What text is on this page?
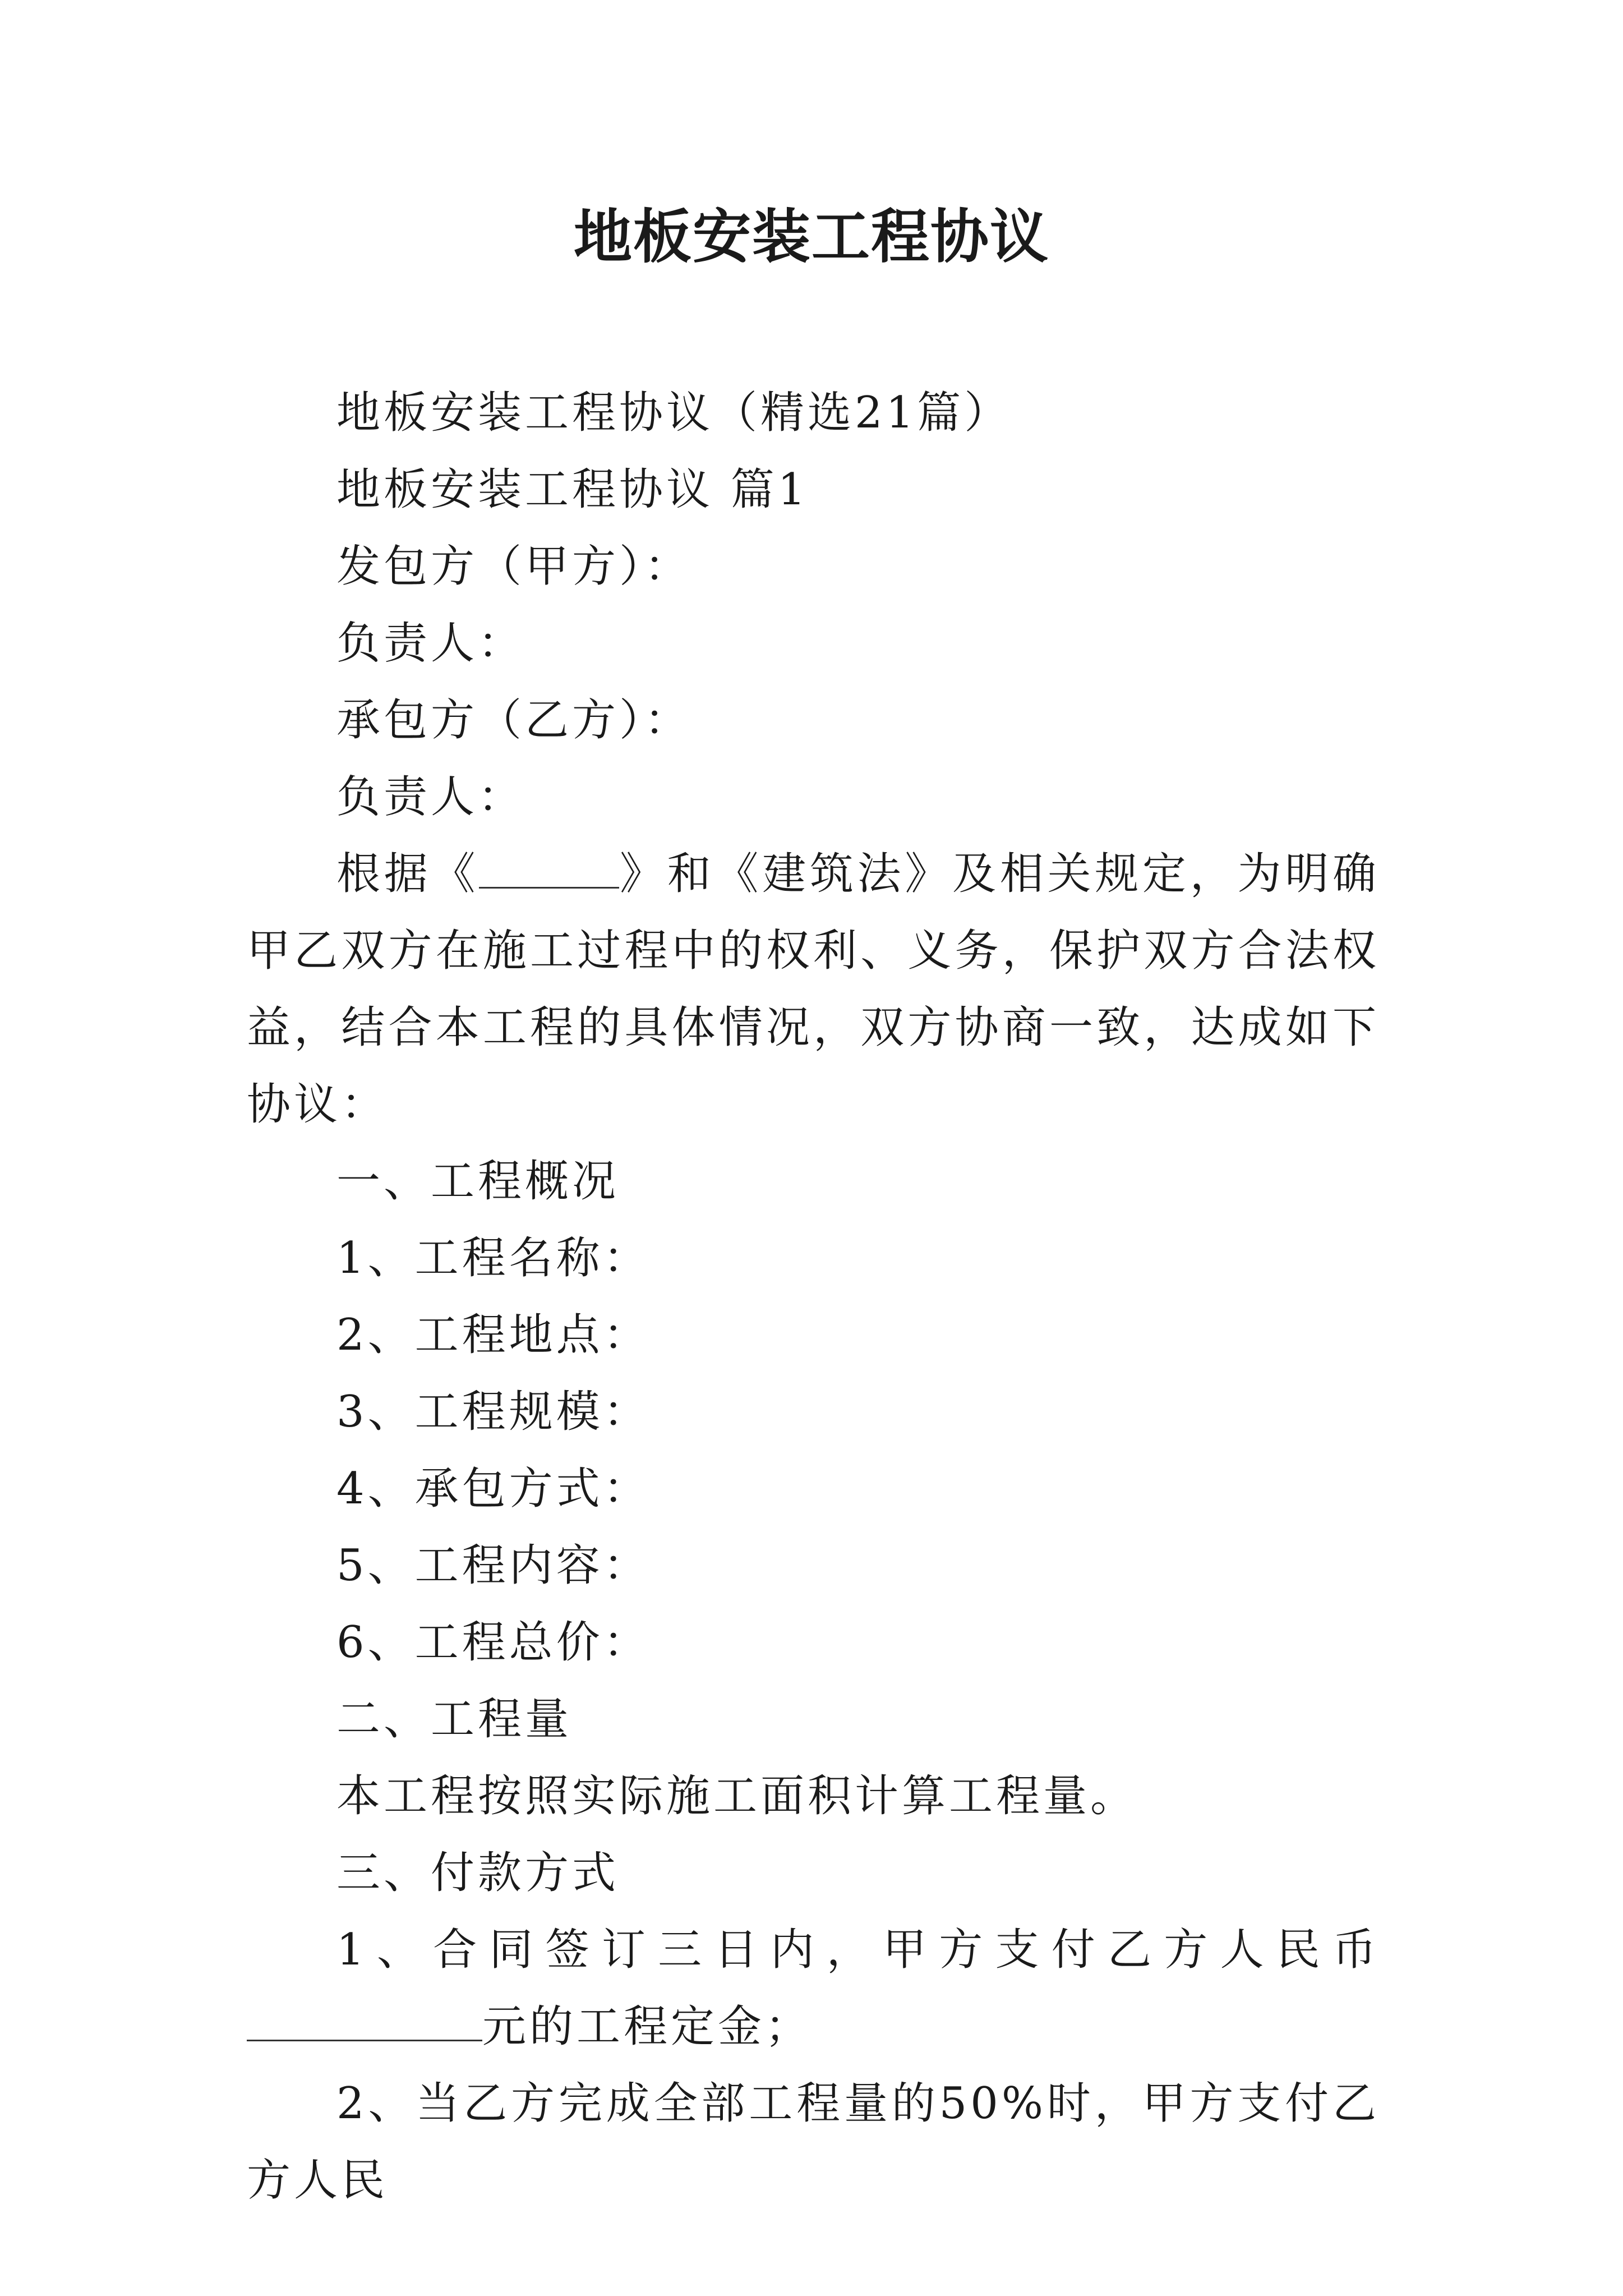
地板安装工程协议

地板安装工程协议（精选21篇）

地板安装工程协议 篇1

发包方（甲方）：

负责人：

承包方（乙方）：

负责人：

根据《	》和《建筑法》及相关规定，为明确甲乙双方在施工过程中的权利、义务，保护双方合法权益，结合本工程的具体情况，双方协商一致，达成如下协议：

一、工程概况

1、工程名称：

2、工程地点：

3、工程规模：

4、承包方式：

5、工程内容：

6、工程总价：

二、工程量

本工程按照实际施工面积计算工程量。

三、付款方式

1、合同签订三日内，甲方支付乙方人民币元的工程定金；

2、当乙方完成全部工程量的50%时，甲方支付乙方人民
